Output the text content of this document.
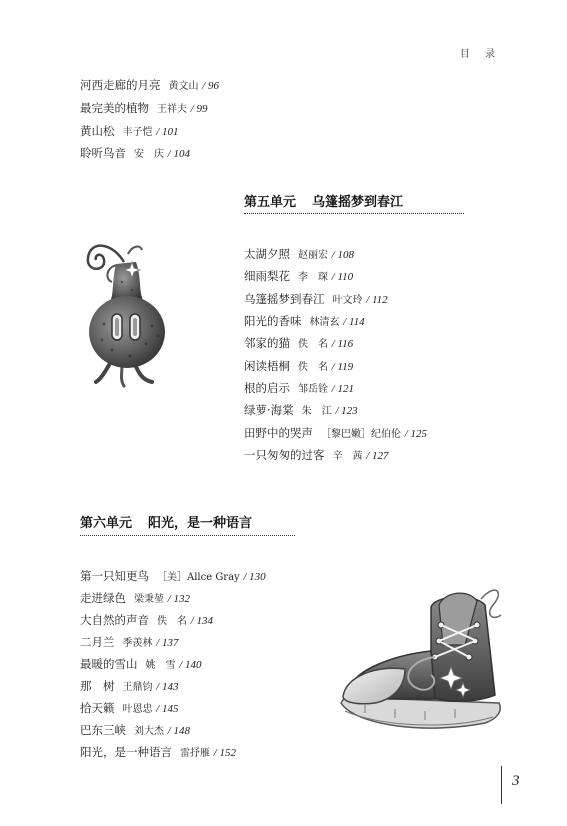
目 录
河西走廊的月亮 黄文山 / 96
最完美的植物 王祥夫 / 99
黄山松 丰子恺 / 101
聆听鸟音 安　庆 / 104
第五单元 乌篷摇梦到春江
太湖夕照 赵丽宏 / 108
细雨梨花 李　琛 / 110
乌篷摇梦到春江 叶文玲 / 112
阳光的香味 林清玄 / 114
邻家的猫 佚　名 / 116
闲读梧桐 佚　名 / 119
根的启示 邹岳铨 / 121
绿萝·海棠 朱　江 / 123
田野中的哭声 ［黎巴嫩］纪伯伦 / 125
一只匆匆的过客 辛　茜 / 127
第六单元 阳光，是一种语言
第一只知更鸟 ［美］Allce Gray / 130
走进绿色 梁秉堃 / 132
大自然的声音 佚　名 / 134
二月兰 季羡林 / 137
最暖的雪山 姚　雪 / 140
那　树 王鼎钧 / 143
拾天籁 叶恩忠 / 145
巴东三峡 刘大杰 / 148
阳光，是一种语言 雷抒雁 / 152
3
